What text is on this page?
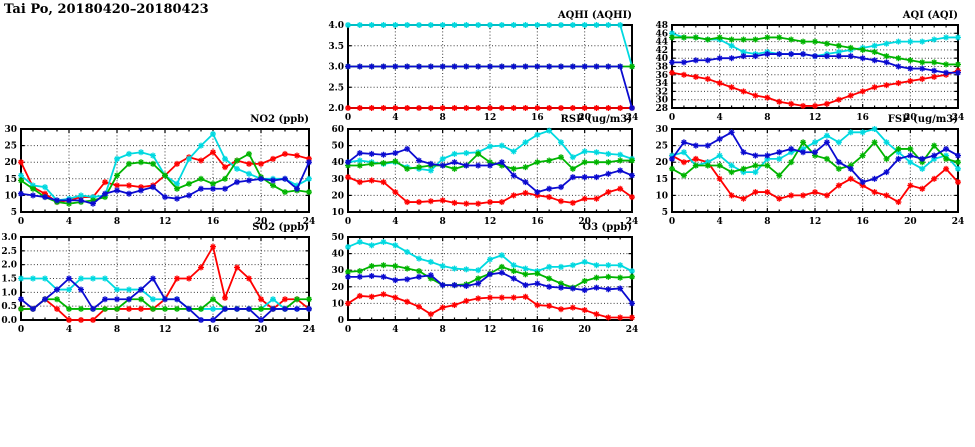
Tai Po, 20180420–20180423	AQHI (AQHI)	AQI (AQI)
NO2 (ppb)	RSP (ug/m3)	FSP (ug/m3)
SO2 (ppb)	O3 (ppb)
